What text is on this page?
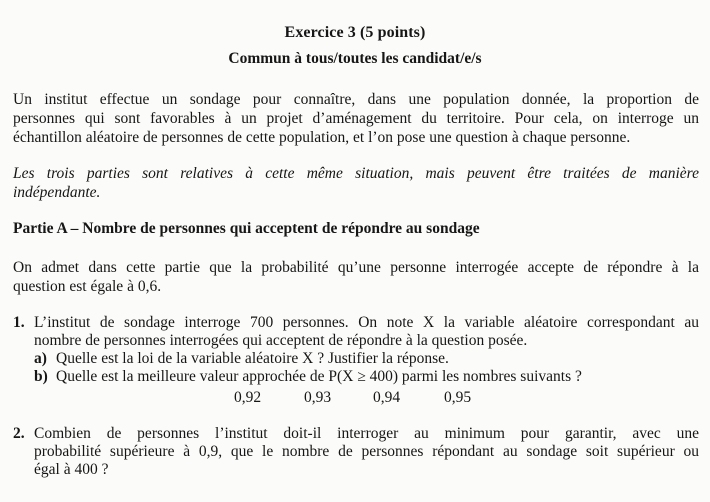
Exercice 3 (5 points)
Commun à tous/toutes les candidat/e/s
Un institut effectue un sondage pour connaître, dans une population donnée, la proportion de
personnes qui sont favorables à un projet d’aménagement du territoire. Pour cela, on interroge un
échantillon aléatoire de personnes de cette population, et l’on pose une question à chaque personne.
Les trois parties sont relatives à cette même situation, mais peuvent être traitées de manière
indépendante.
Partie A – Nombre de personnes qui acceptent de répondre au sondage
On admet dans cette partie que la probabilité qu’une personne interrogée accepte de répondre à la
question est égale à 0,6.
1. L’institut de sondage interroge 700 personnes. On note X la variable aléatoire correspondant au
nombre de personnes interrogées qui acceptent de répondre à la question posée.
a) Quelle est la loi de la variable aléatoire X ? Justifier la réponse.
b) Quelle est la meilleure valeur approchée de P(X ≥ 400) parmi les nombres suivants ?
0,92	0,93	0,94	0,95
2. Combien de personnes l’institut doit-il interroger au minimum pour garantir, avec une
probabilité supérieure à 0,9, que le nombre de personnes répondant au sondage soit supérieur ou
égal à 400 ?
